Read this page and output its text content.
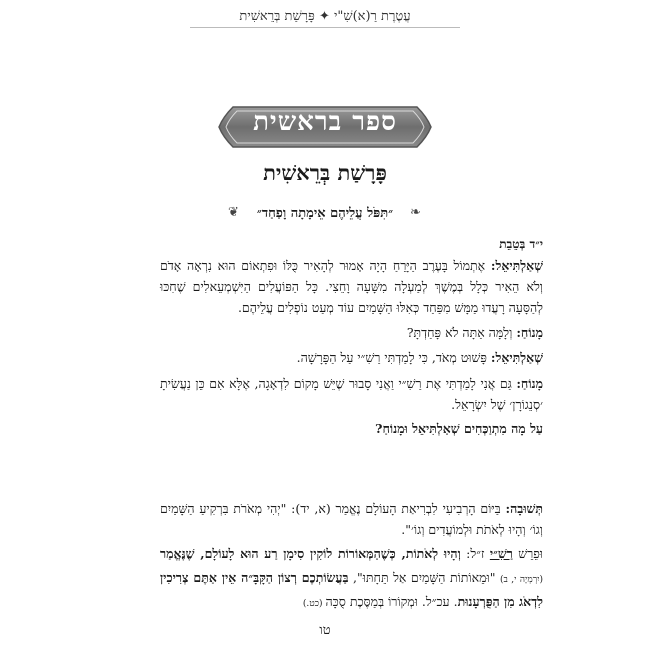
עֲטֶרֶת רַ(א)שִׁ"י ✦ פָּרָשַׁת בְּרֵאשִׁית
ספר בראשית
פָּרָשַׁת בְּרֵאשִׁית
❦	״תִּפֹּל עֲלֵיהֶם אֵימָתָה וָפַחַד״	❧
י״ד בְּטֵבֵת
שְׁאַלְתִּיאֵל: אֶתְמוֹל בָּעֶרֶב הַיָּרֵחַ הָיָה אָמוּר לְהָאִיר כֻּלּוֹ וּפִתְאוֹם הוּא נִרְאָה אָדֹם וְלֹא הֵאִיר כְּלָל בְּמֶשֶׁךְ לְמַעְלָה מִשָּׁעָה וָחֵצִי. כָּל הַפּוֹעֲלִים הַיִּשְׁמְעֵאלִים שֶׁחִכּוּ לְהַסָּעָה רָעֲדוּ מַמָּשׁ מִפַּחַד כְּאִלּוּ הַשָּׁמַיִם עוֹד מְעַט נוֹפְלִים עֲלֵיהֶם.
מָנוֹחַ: וְלָמָּה אַתָּה לֹא פָּחַדְתָּ?
שְׁאַלְתִּיאֵל: פָּשׁוּט מְאֹד, כִּי לָמַדְתִּי רַשִׁ״י עַל הַפָּרָשָׁה.
מָנוֹחַ: גַּם אֲנִי לָמַדְתִּי אֶת רַשִׁ״י וַאֲנִי סָבוּר שֶׁיֵּשׁ מָקוֹם לִדְאָגָה, אֶלָּא אִם כֵּן נַעֲשִׂיתָ ׳סְנֵגוֹרָן׳ שֶׁל יִשְׂרָאֵל.
עַל מָה מִתְוַכְּחִים שְׁאַלְתִּיאֵל וּמָנוֹחַ?
תְּשׁוּבָה: בַּיּוֹם הָרְבִיעִי לִבְרִיאַת הָעוֹלָם נֶאֱמַר (א, יד): "יְהִי מְאֹרֹת בִּרְקִיעַ הַשָּׁמַיִם וְגוֹ׳ וְהָיוּ לְאֹתֹת וּלְמוֹעֲדִים וְגוֹ׳".
וּפֵרֵשׁ רַשִׁ״י ז״ל: וְהָיוּ לְאֹתוֹת, כְּשֶׁהַמְּאוֹרוֹת לוֹקִין סִימָן רַע הוּא לָעוֹלָם, שֶׁנֶּאֱמַר (יִרְמְיָה י, ב) "וּמֵאוֹתוֹת הַשָּׁמַיִם אַל תֵּחָתּוּ", בַּעֲשׂוֹתְכֶם רְצוֹן הַקָּבָּ״ה אֵין אַתֶּם צְרִיכִין לִדְאֹג מִן הַפֻּרְעָנוּת. עכ״ל. וּמְקוֹרוֹ בְּמַסֶּכֶת סֻכָּה (כט.)
טו
